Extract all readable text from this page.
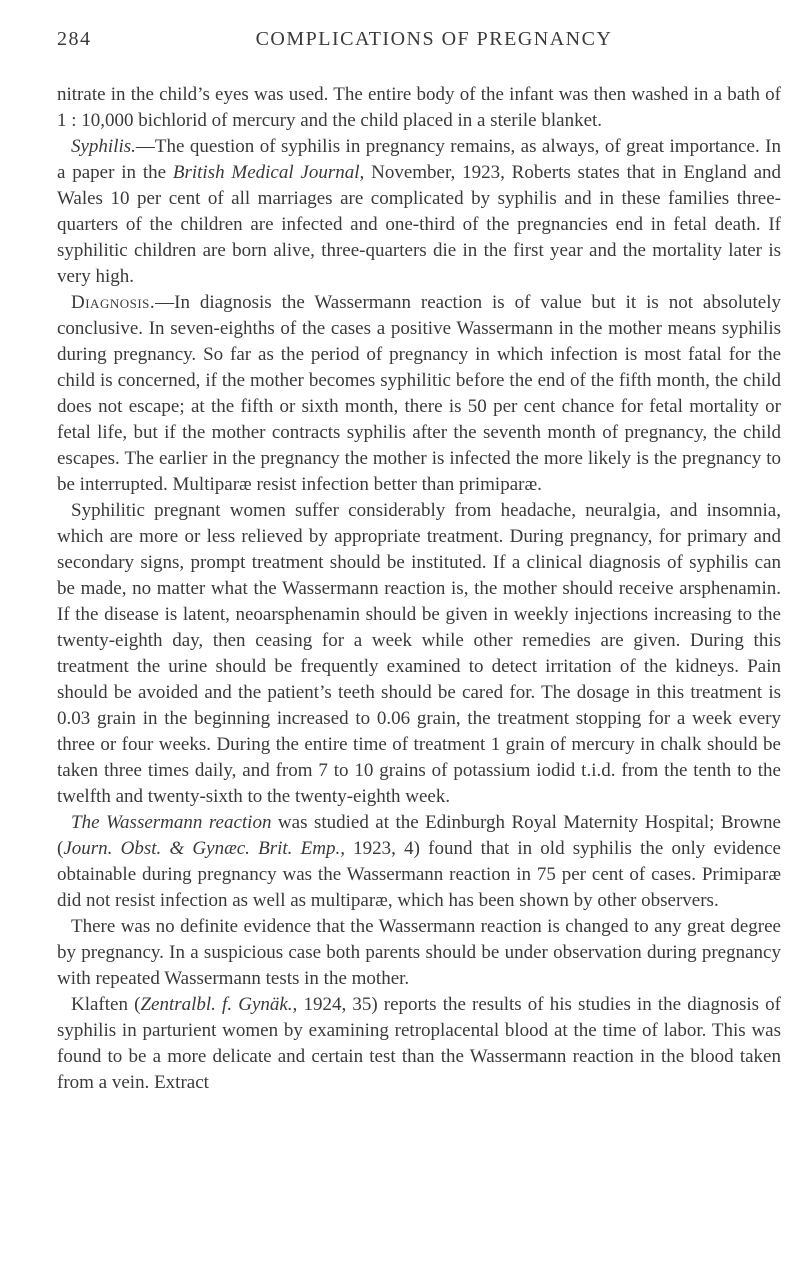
284	COMPLICATIONS OF PREGNANCY

nitrate in the child’s eyes was used. The entire body of the infant was then washed in a bath of 1 : 10,000 bichlorid of mercury and the child placed in a sterile blanket.

Syphilis.—The question of syphilis in pregnancy remains, as always, of great importance. In a paper in the British Medical Journal, November, 1923, Roberts states that in England and Wales 10 per cent of all marriages are complicated by syphilis and in these families three-quarters of the children are infected and one-third of the pregnancies end in fetal death. If syphilitic children are born alive, three-quarters die in the first year and the mortality later is very high.

Diagnosis.—In diagnosis the Wassermann reaction is of value but it is not absolutely conclusive. In seven-eighths of the cases a positive Wassermann in the mother means syphilis during pregnancy. So far as the period of pregnancy in which infection is most fatal for the child is concerned, if the mother becomes syphilitic before the end of the fifth month, the child does not escape; at the fifth or sixth month, there is 50 per cent chance for fetal mortality or fetal life, but if the mother contracts syphilis after the seventh month of pregnancy, the child escapes. The earlier in the pregnancy the mother is infected the more likely is the pregnancy to be interrupted. Multiparæ resist infection better than primiparæ.

Syphilitic pregnant women suffer considerably from headache, neuralgia, and insomnia, which are more or less relieved by appropriate treatment. During pregnancy, for primary and secondary signs, prompt treatment should be instituted. If a clinical diagnosis of syphilis can be made, no matter what the Wassermann reaction is, the mother should receive arsphenamin. If the disease is latent, neoarsphenamin should be given in weekly injections increasing to the twenty-eighth day, then ceasing for a week while other remedies are given. During this treatment the urine should be frequently examined to detect irritation of the kidneys. Pain should be avoided and the patient’s teeth should be cared for. The dosage in this treatment is 0.03 grain in the beginning increased to 0.06 grain, the treatment stopping for a week every three or four weeks. During the entire time of treatment 1 grain of mercury in chalk should be taken three times daily, and from 7 to 10 grains of potassium iodid t.i.d. from the tenth to the twelfth and twenty-sixth to the twenty-eighth week.

The Wassermann reaction was studied at the Edinburgh Royal Maternity Hospital; Browne (Journ. Obst. & Gynæc. Brit. Emp., 1923, 4) found that in old syphilis the only evidence obtainable during pregnancy was the Wassermann reaction in 75 per cent of cases. Primiparæ did not resist infection as well as multiparæ, which has been shown by other observers.

There was no definite evidence that the Wassermann reaction is changed to any great degree by pregnancy. In a suspicious case both parents should be under observation during pregnancy with repeated Wassermann tests in the mother.

Klaften (Zentralbl. f. Gynäk., 1924, 35) reports the results of his studies in the diagnosis of syphilis in parturient women by examining retroplacental blood at the time of labor. This was found to be a more delicate and certain test than the Wassermann reaction in the blood taken from a vein. Extract
